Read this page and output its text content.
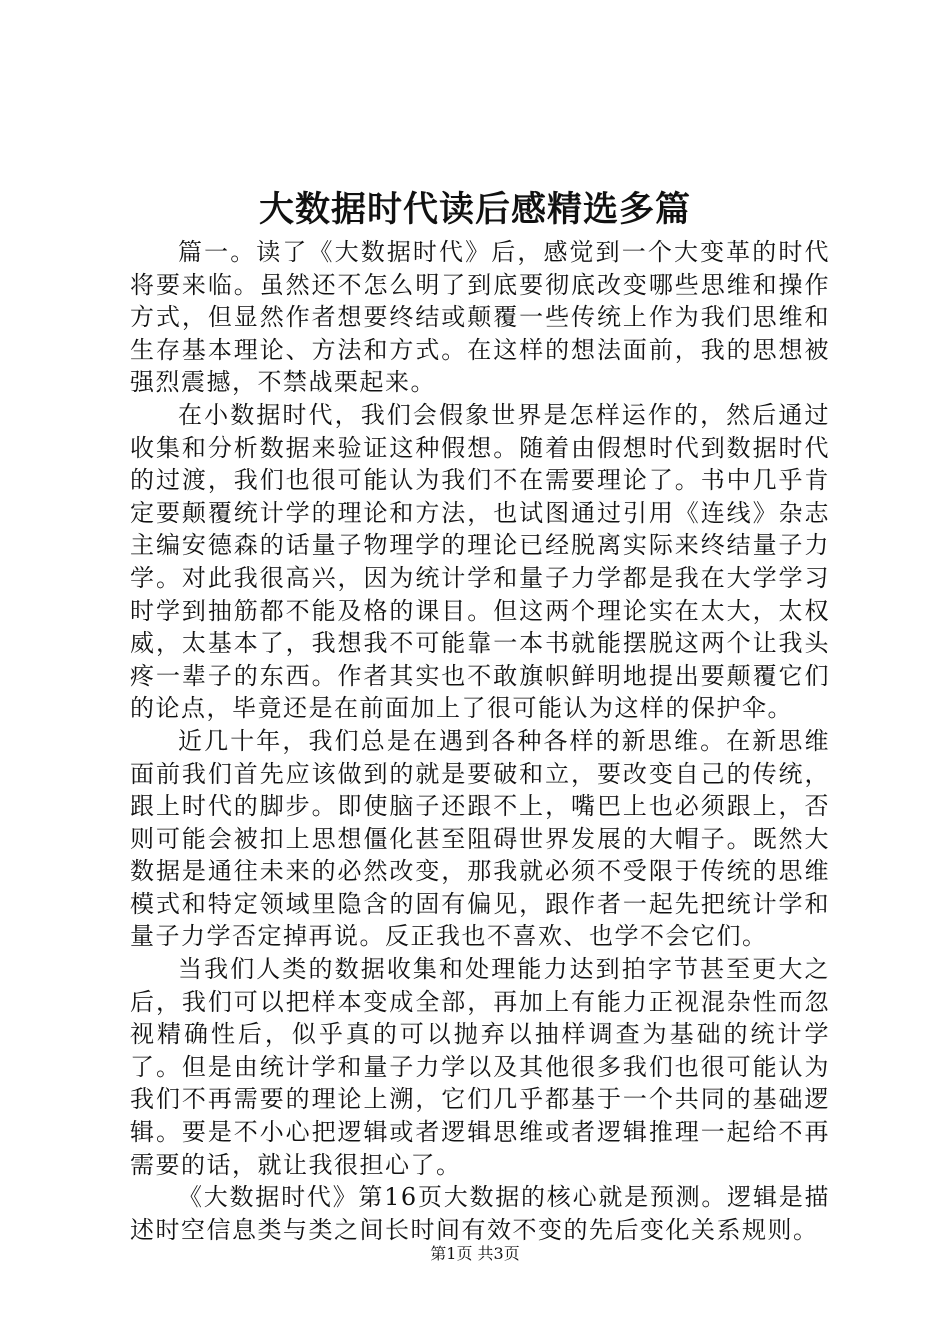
大数据时代读后感精选多篇

篇一。读了《大数据时代》后，感觉到一个大变革的时代将要来临。虽然还不怎么明了到底要彻底改变哪些思维和操作方式，但显然作者想要终结或颠覆一些传统上作为我们思维和生存基本理论、方法和方式。在这样的想法面前，我的思想被强烈震撼，不禁战栗起来。

在小数据时代，我们会假象世界是怎样运作的，然后通过收集和分析数据来验证这种假想。随着由假想时代到数据时代的过渡，我们也很可能认为我们不在需要理论了。书中几乎肯定要颠覆统计学的理论和方法，也试图通过引用《连线》杂志主编安德森的话量子物理学的理论已经脱离实际来终结量子力学。对此我很高兴，因为统计学和量子力学都是我在大学学习时学到抽筋都不能及格的课目。但这两个理论实在太大，太权威，太基本了，我想我不可能靠一本书就能摆脱这两个让我头疼一辈子的东西。作者其实也不敢旗帜鲜明地提出要颠覆它们的论点，毕竟还是在前面加上了很可能认为这样的保护伞。

近几十年，我们总是在遇到各种各样的新思维。在新思维面前我们首先应该做到的就是要破和立，要改变自己的传统，跟上时代的脚步。即使脑子还跟不上，嘴巴上也必须跟上，否则可能会被扣上思想僵化甚至阻碍世界发展的大帽子。既然大数据是通往未来的必然改变，那我就必须不受限于传统的思维模式和特定领域里隐含的固有偏见，跟作者一起先把统计学和量子力学否定掉再说。反正我也不喜欢、也学不会它们。

当我们人类的数据收集和处理能力达到拍字节甚至更大之后，我们可以把样本变成全部，再加上有能力正视混杂性而忽视精确性后，似乎真的可以抛弃以抽样调查为基础的统计学了。但是由统计学和量子力学以及其他很多我们也很可能认为我们不再需要的理论上溯，它们几乎都基于一个共同的基础逻辑。要是不小心把逻辑或者逻辑思维或者逻辑推理一起给不再需要的话，就让我很担心了。

《大数据时代》第16页大数据的核心就是预测。逻辑是描述时空信息类与类之间长时间有效不变的先后变化关系规则。

第1页 共3页
